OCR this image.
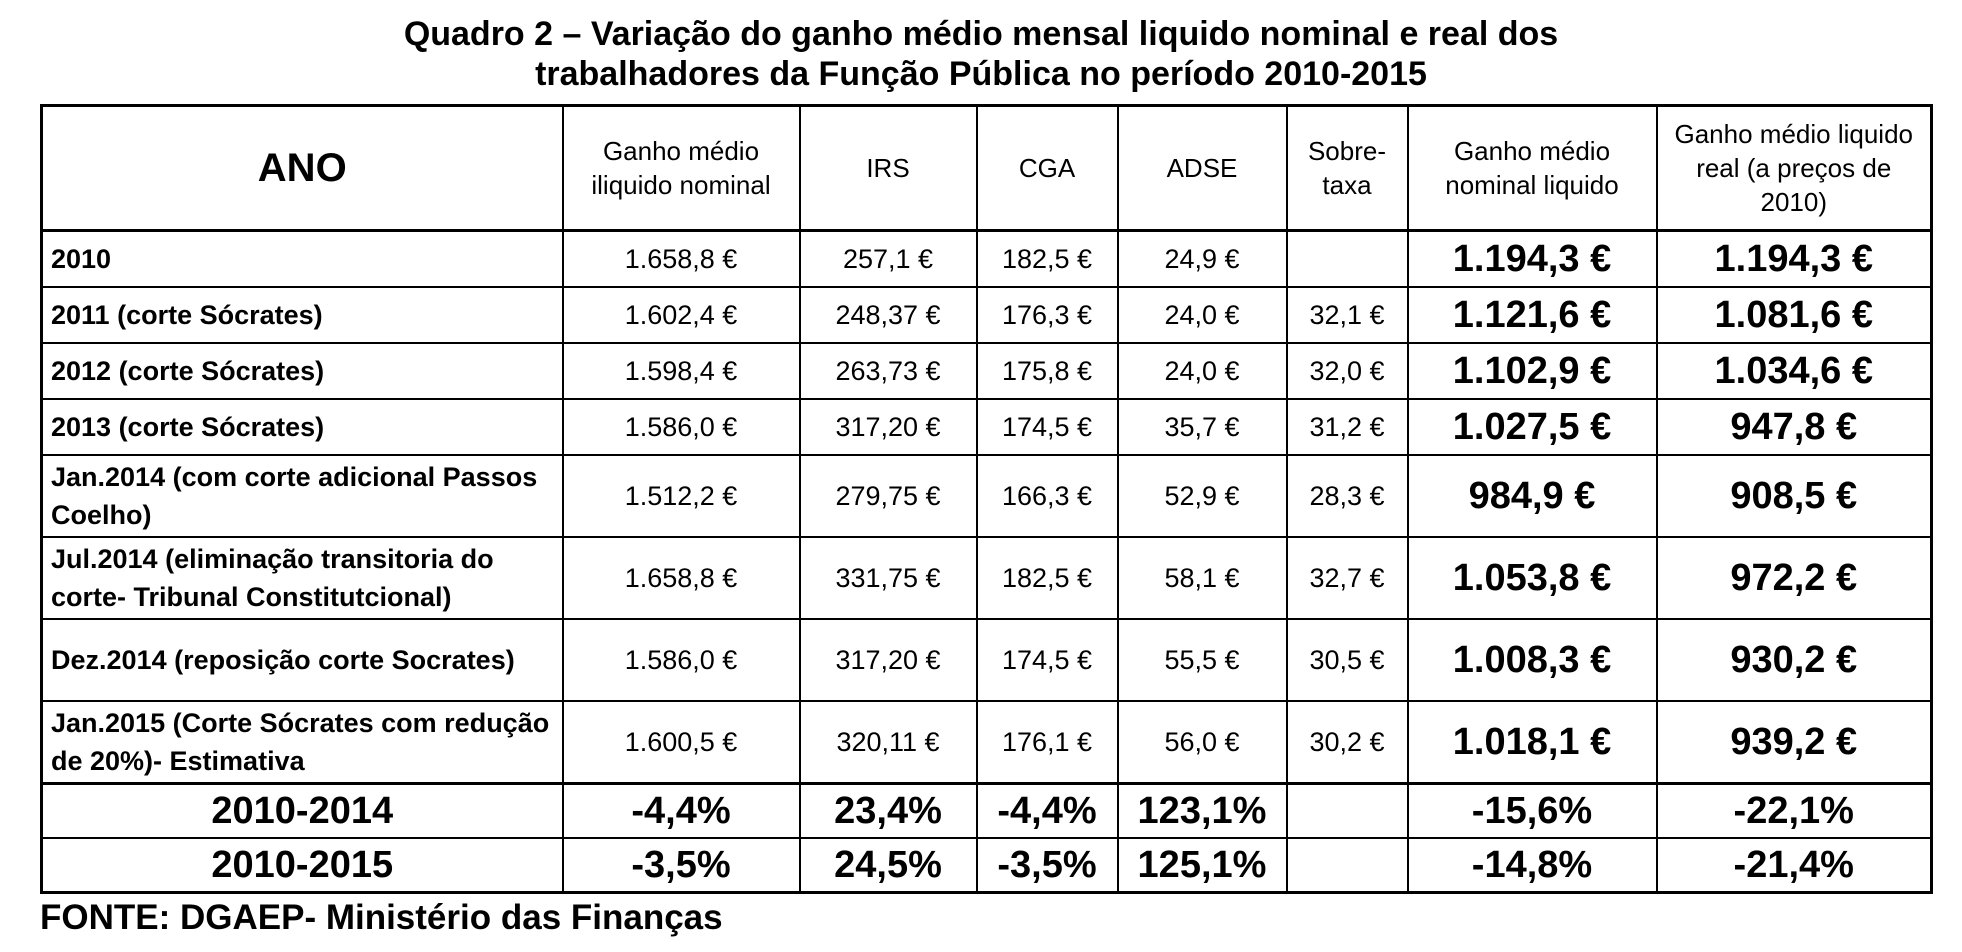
Quadro 2 – Variação do ganho médio mensal liquido nominal e real dos
trabalhadores da Função Pública no período 2010-2015
ANO	Ganho médio iliquido nominal	IRS	CGA	ADSE	Sobre-taxa	Ganho médio nominal liquido	Ganho médio liquido real (a preços de 2010)
2010	1.658,8 €	257,1 €	182,5 €	24,9 €		1.194,3 €	1.194,3 €
2011 (corte Sócrates)	1.602,4 €	248,37 €	176,3 €	24,0 €	32,1 €	1.121,6 €	1.081,6 €
2012 (corte Sócrates)	1.598,4 €	263,73 €	175,8 €	24,0 €	32,0 €	1.102,9 €	1.034,6 €
2013 (corte Sócrates)	1.586,0 €	317,20 €	174,5 €	35,7 €	31,2 €	1.027,5 €	947,8 €
Jan.2014 (com corte adicional Passos Coelho)	1.512,2 €	279,75 €	166,3 €	52,9 €	28,3 €	984,9 €	908,5 €
Jul.2014 (eliminação transitoria do corte- Tribunal Constitutcional)	1.658,8 €	331,75 €	182,5 €	58,1 €	32,7 €	1.053,8 €	972,2 €
Dez.2014 (reposição corte Socrates)	1.586,0 €	317,20 €	174,5 €	55,5 €	30,5 €	1.008,3 €	930,2 €
Jan.2015 (Corte Sócrates com redução de 20%)- Estimativa	1.600,5 €	320,11 €	176,1 €	56,0 €	30,2 €	1.018,1 €	939,2 €
2010-2014	-4,4%	23,4%	-4,4%	123,1%		-15,6%	-22,1%
2010-2015	-3,5%	24,5%	-3,5%	125,1%		-14,8%	-21,4%
FONTE: DGAEP- Ministério das Finanças
